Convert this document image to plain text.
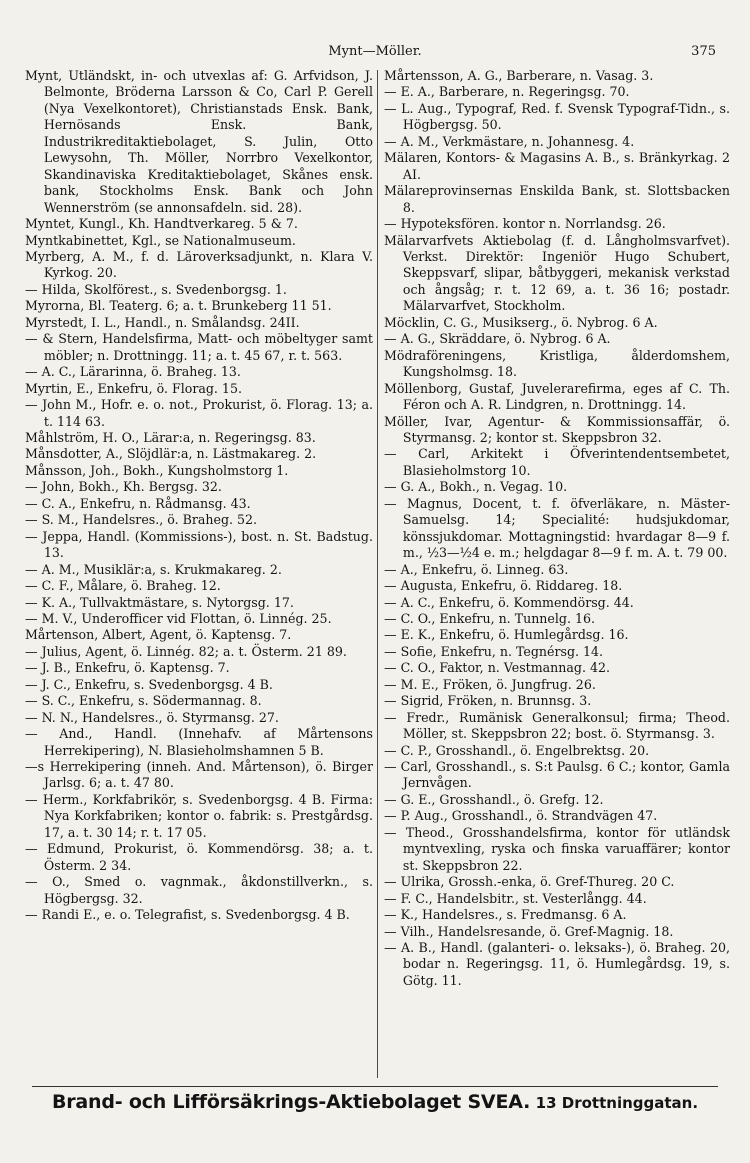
Mynt—Möller.	375
Mynt, Utländskt, in- och utvexlas af: G. Arfvidson, J. Belmonte, Bröderna Larsson & Co, Carl P. Gerell (Nya Vexelkontoret), Christianstads Ensk. Bank, Hernösands Ensk. Bank, Industrikreditaktiebolaget, S. Julin, Otto Lewysohn, Th. Möller, Norrbro Vexelkontor, Skandinaviska Kreditaktiebolaget, Skånes ensk. bank, Stockholms Ensk. Bank och John Wennerström (se annonsafdeln. sid. 28).
Myntet, Kungl., Kh. Handtverkareg. 5 & 7.
Myntkabinettet, Kgl., se Nationalmuseum.
Myrberg, A. M., f. d. Läroverksadjunkt, n. Klara V. Kyrkog. 20.
— Hilda, Skolförest., s. Svedenborgsg. 1.
Myrorna, Bl. Teaterg. 6; a. t. Brunkeberg 11 51.
Myrstedt, I. L., Handl., n. Smålandsg. 24II.
— & Stern, Handelsfirma, Matt- och möbeltyger samt möbler; n. Drottningg. 11; a. t. 45 67, r. t. 563.
— A. C., Lärarinna, ö. Braheg. 13.
Myrtin, E., Enkefru, ö. Florag. 15.
— John M., Hofr. e. o. not., Prokurist, ö. Florag. 13; a. t. 114 63.
Måhlström, H. O., Lärar:a, n. Regeringsg. 83.
Månsdotter, A., Slöjdlär:a, n. Lästmakareg. 2.
Månsson, Joh., Bokh., Kungsholmstorg 1.
— John, Bokh., Kh. Bergsg. 32.
— C. A., Enkefru, n. Rådmansg. 43.
— S. M., Handelsres., ö. Braheg. 52.
— Jeppa, Handl. (Kommissions-), bost. n. St. Badstug. 13.
— A. M., Musiklär:a, s. Krukmakareg. 2.
— C. F., Målare, ö. Braheg. 12.
— K. A., Tullvaktmästare, s. Nytorgsg. 17.
— M. V., Underofficer vid Flottan, ö. Linnég. 25.
Mårtenson, Albert, Agent, ö. Kaptensg. 7.
— Julius, Agent, ö. Linnég. 82; a. t. Österm. 21 89.
— J. B., Enkefru, ö. Kaptensg. 7.
— J. C., Enkefru, s. Svedenborgsg. 4 B.
— S. C., Enkefru, s. Södermannag. 8.
— N. N., Handelsres., ö. Styrmansg. 27.
— And., Handl. (Innehafv. af Mårtensons Herrekipering), N. Blasieholmshamnen 5 B.
—s Herrekipering (inneh. And. Mårtenson), ö. Birger Jarlsg. 6; a. t. 47 80.
— Herm., Korkfabrikör, s. Svedenborgsg. 4 B. Firma: Nya Korkfabriken; kontor o. fabrik: s. Prestgårdsg. 17, a. t. 30 14; r. t. 17 05.
— Edmund, Prokurist, ö. Kommendörsg. 38; a. t. Österm. 2 34.
— O., Smed o. vagnmak., åkdonstillverkn., s. Högbergsg. 32.
— Randi E., e. o. Telegrafist, s. Svedenborgsg. 4 B.
Mårtensson, A. G., Barberare, n. Vasag. 3.
— E. A., Barberare, n. Regeringsg. 70.
— L. Aug., Typograf, Red. f. Svensk Typograf-Tidn., s. Högbergsg. 50.
— A. M., Verkmästare, n. Johannesg. 4.
Mälaren, Kontors- & Magasins A. B., s. Bränkyrkag. 2 AI.
Mälareprovinsernas Enskilda Bank, st. Slottsbacken 8.
— Hypoteksfören. kontor n. Norrlandsg. 26.
Mälarvarfvets Aktiebolag (f. d. Långholmsvarfvet). Verkst. Direktör: Ingeniör Hugo Schubert, Skeppsvarf, slipar, båtbyggeri, mekanisk verkstad och ångsåg; r. t. 12 69, a. t. 36 16; postadr. Mälarvarfvet, Stockholm.
Möcklin, C. G., Musikserg., ö. Nybrog. 6 A.
— A. G., Skräddare, ö. Nybrog. 6 A.
Mödraföreningens, Kristliga, ålderdomshem, Kungsholmsg. 18.
Möllenborg, Gustaf, Juvelerarefirma, eges af C. Th. Féron och A. R. Lindgren, n. Drottningg. 14.
Möller, Ivar, Agentur- & Kommissionsaffär, ö. Styrmansg. 2; kontor st. Skeppsbron 32.
— Carl, Arkitekt i Öfverintendentsembetet, Blasieholmstorg 10.
— G. A., Bokh., n. Vegag. 10.
— Magnus, Docent, t. f. öfverläkare, n. Mäster-Samuelsg. 14; Specialité: hudsjukdomar, könssjukdomar. Mottagningstid: hvardagar 8—9 f. m., ½3—½4 e. m.; helgdagar 8—9 f. m. A. t. 79 00.
— A., Enkefru, ö. Linneg. 63.
— Augusta, Enkefru, ö. Riddareg. 18.
— A. C., Enkefru, ö. Kommendörsg. 44.
— C. O., Enkefru, n. Tunnelg. 16.
— E. K., Enkefru, ö. Humlegårdsg. 16.
— Sofie, Enkefru, n. Tegnérsg. 14.
— C. O., Faktor, n. Vestmannag. 42.
— M. E., Fröken, ö. Jungfrug. 26.
— Sigrid, Fröken, n. Brunnsg. 3.
— Fredr., Rumänisk Generalkonsul; firma; Theod. Möller, st. Skeppsbron 22; bost. ö. Styrmansg. 3.
— C. P., Grosshandl., ö. Engelbrektsg. 20.
— Carl, Grosshandl., s. S:t Paulsg. 6 C.; kontor, Gamla Jernvågen.
— G. E., Grosshandl., ö. Grefg. 12.
— P. Aug., Grosshandl., ö. Strandvägen 47.
— Theod., Grosshandelsfirma, kontor för utländsk myntvexling, ryska och finska varuaffärer; kontor st. Skeppsbron 22.
— Ulrika, Grossh.-enka, ö. Gref-Thureg. 20 C.
— F. C., Handelsbitr., st. Vesterlångg. 44.
— K., Handelsres., s. Fredmansg. 6 A.
— Vilh., Handelsresande, ö. Gref-Magnig. 18.
— A. B., Handl. (galanteri- o. leksaks-), ö. Braheg. 20, bodar n. Regeringsg. 11, ö. Humlegårdsg. 19, s. Götg. 11.
Brand- och Lifförsäkrings-Aktiebolaget SVEA. 13 Drottninggatan.
